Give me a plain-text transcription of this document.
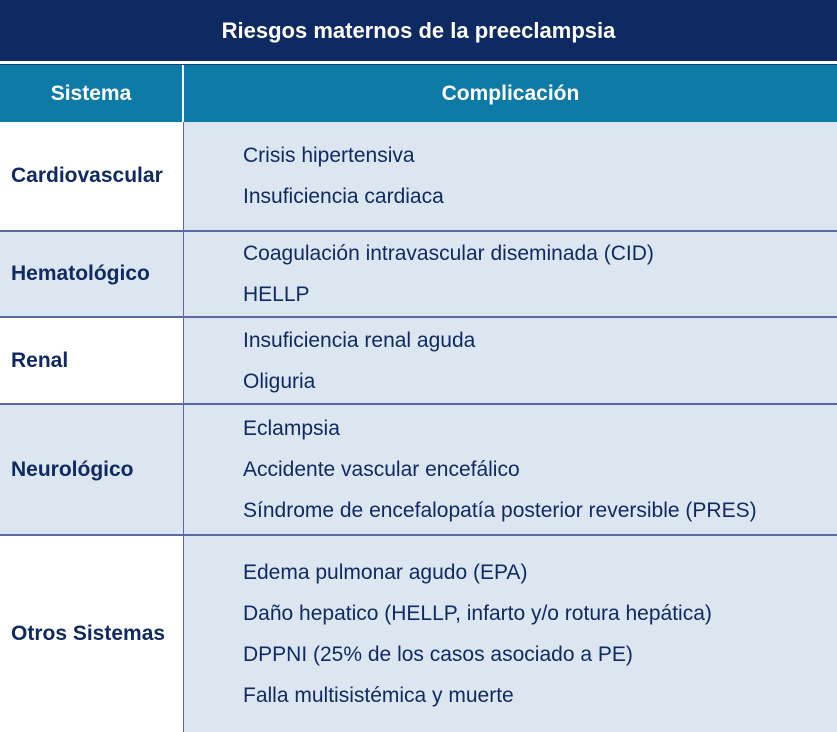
Riesgos maternos de la preeclampsia
Sistema	Complicación
Cardiovascular
Crisis hipertensiva
Insuficiencia cardiaca
Hematológico
Coagulación intravascular diseminada (CID)
HELLP
Renal
Insuficiencia renal aguda
Oliguria
Neurológico
Eclampsia
Accidente vascular encefálico
Síndrome de encefalopatía posterior reversible (PRES)
Otros Sistemas
Edema pulmonar agudo (EPA)
Daño hepatico (HELLP, infarto y/o rotura hepática)
DPPNI (25% de los casos asociado a PE)
Falla multisistémica y muerte
